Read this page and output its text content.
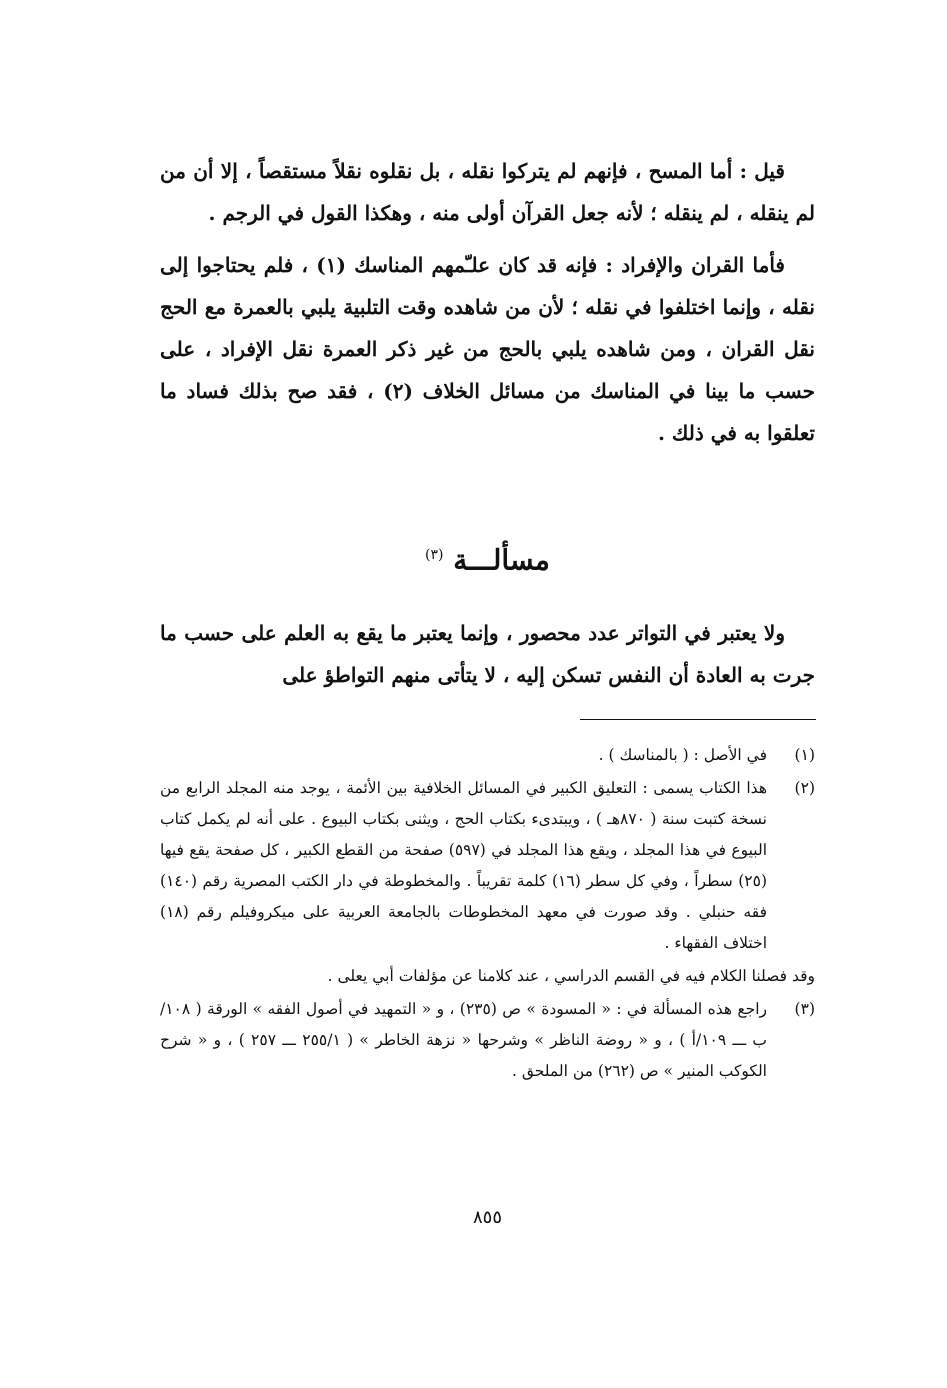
قيل : أما المسح ، فإنهم لم يتركوا نقله ، بل نقلوه نقلاً مستقصاً ، إلا أن من لم ينقله ، لم ينقله ؛ لأنه جعل القرآن أولى منه ، وهكذا القول في الرجم .

فأما القران والإفراد : فإنه قد كان علـّمهم المناسك (١) ، فلم يحتاجوا إلى نقله ، وإنما اختلفوا في نقله ؛ لأن من شاهده وقت التلبية يلبي بالعمرة مع الحج نقل القران ، ومن شاهده يلبي بالحج من غير ذكر العمرة نقل الإفراد ، على حسب ما بينا في المناسك من مسائل الخلاف (٢) ، فقد صح بذلك فساد ما تعلقوا به في ذلك .

مسألـــة $^{(٣)}$

ولا يعتبر في التواتر عدد محصور ، وإنما يعتبر ما يقع به العلم على حسب ما جرت به العادة أن النفس تسكن إليه ، لا يتأتى منهم التواطؤ على

(١)
في الأصل : ( بالمناسك ) .
(٢)
هذا الكتاب يسمى : التعليق الكبير في المسائل الخلافية بين الأئمة ، يوجد منه المجلد الرابع من نسخة كتبت سنة ( ٨٧٠هـ ) ، ويبتدىء بكتاب الحج ، ويثنى بكتاب البيوع . على أنه لم يكمل كتاب البيوع في هذا المجلد ، ويقع هذا المجلد في (٥٩٧) صفحة من القطع الكبير ، كل صفحة يقع فيها (٢٥) سطراً ، وفي كل سطر (١٦) كلمة تقريباً . والمخطوطة في دار الكتب المصرية رقم (١٤٠) فقه حنبلي . وقد صورت في معهد المخطوطات بالجامعة العربية على ميكروفيلم رقم (١٨) اختلاف الفقهاء .
وقد فصلنا الكلام فيه في القسم الدراسي ، عند كلامنا عن مؤلفات أبي يعلى .
(٣)
راجع هذه المسألة في : « المسودة » ص (٢٣٥) ، و « التمهيد في أصول الفقه » الورقة ( ١٠٨/ب ـــ ١٠٩/أ ) ، و « روضة الناظر » وشرحها « نزهة الخاطر » ( ٢٥٥/١ ـــ ٢٥٧ ) ، و « شرح الكوكب المنير » ص (٢٦٢) من الملحق .
٨٥٥
